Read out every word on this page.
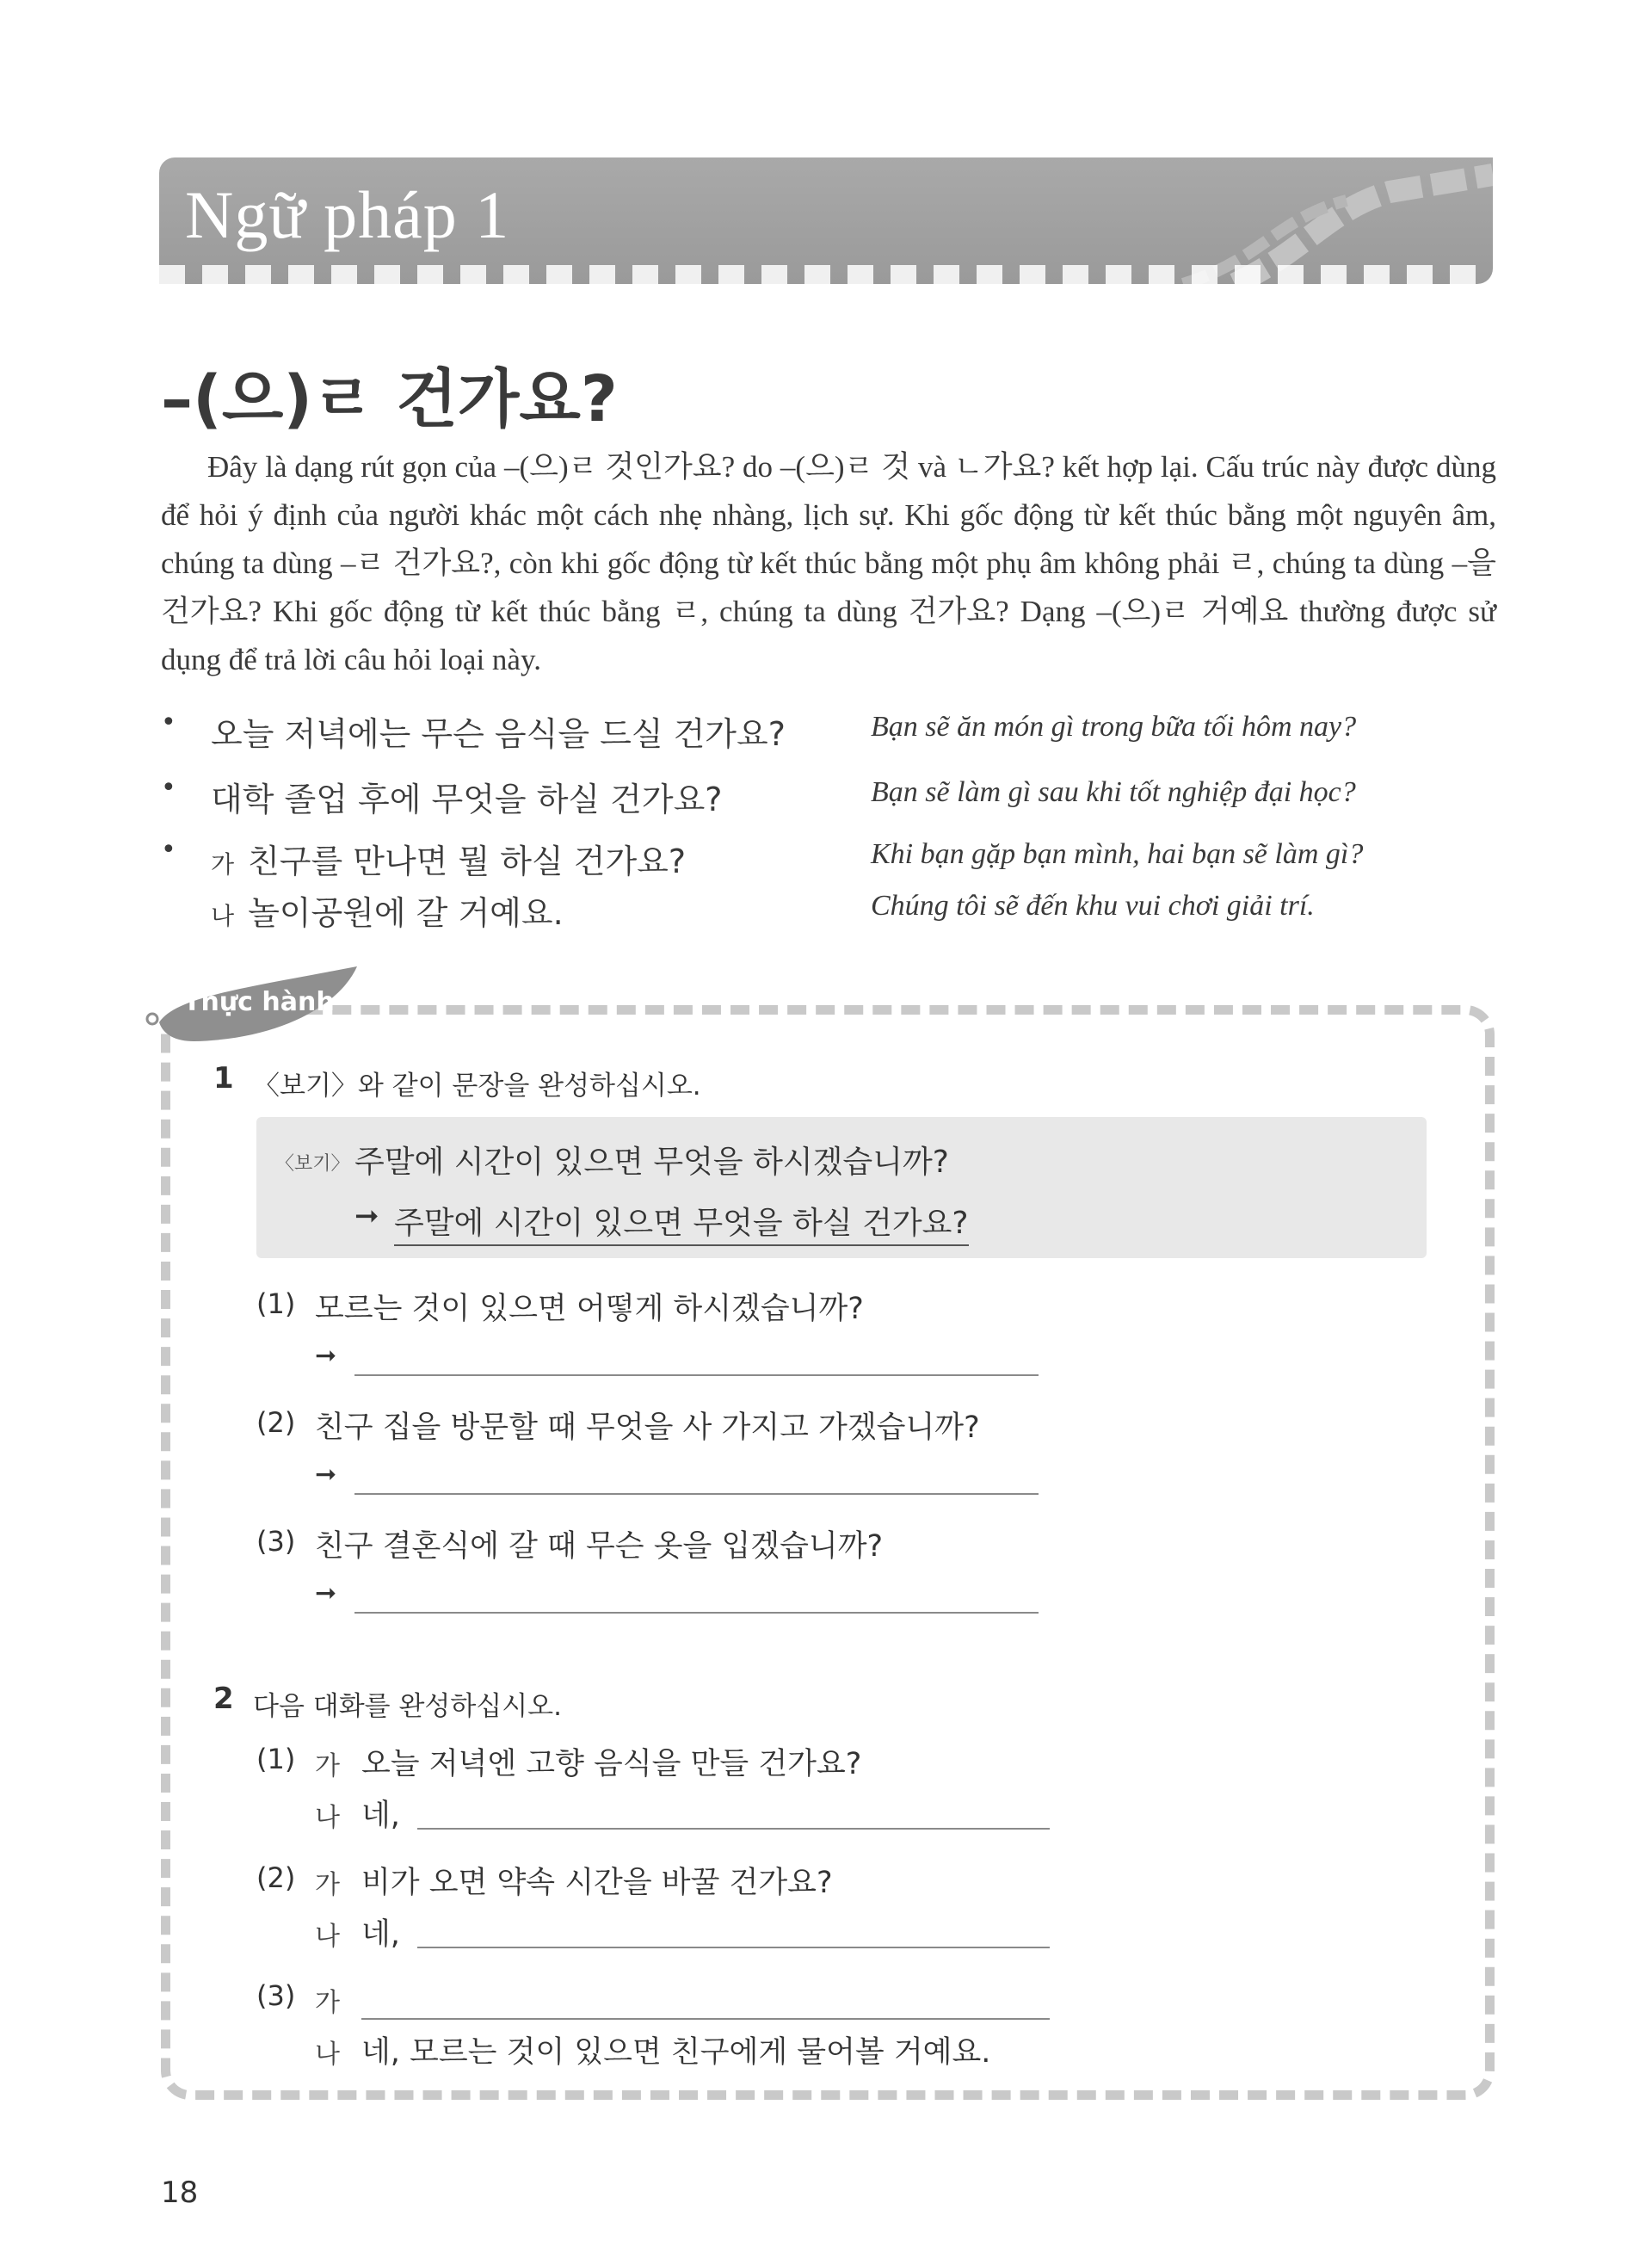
Ngữ pháp 1
–(으)ㄹ 건가요?
Đây là dạng rút gọn của –(으)ㄹ 것인가요? do –(으)ㄹ 것 và ㄴ가요? kết hợp lại. Cấu trúc này được dùng để hỏi ý định của người khác một cách nhẹ nhàng, lịch sự. Khi gốc động từ kết thúc bằng một nguyên âm, chúng ta dùng –ㄹ 건가요?, còn khi gốc động từ kết thúc bằng một phụ âm không phải ㄹ, chúng ta dùng –을 건가요? Khi gốc động từ kết thúc bằng ㄹ, chúng ta dùng 건가요? Dạng –(으)ㄹ 거예요 thường được sử dụng để trả lời câu hỏi loại này.
• 오늘 저녁에는 무슨 음식을 드실 건가요?	Bạn sẽ ăn món gì trong bữa tối hôm nay?
• 대학 졸업 후에 무엇을 하실 건가요?	Bạn sẽ làm gì sau khi tốt nghiệp đại học?
• 가 친구를 만나면 뭘 하실 건가요?	Khi bạn gặp bạn mình, hai bạn sẽ làm gì?
나 놀이공원에 갈 거예요.	Chúng tôi sẽ đến khu vui chơi giải trí.
Thực hành
1 〈보기〉와 같이 문장을 완성하십시오.
〈보기〉 주말에 시간이 있으면 무엇을 하시겠습니까?
➞ 주말에 시간이 있으면 무엇을 하실 건가요?
(1) 모르는 것이 있으면 어떻게 하시겠습니까?
➞
(2) 친구 집을 방문할 때 무엇을 사 가지고 가겠습니까?
➞
(3) 친구 결혼식에 갈 때 무슨 옷을 입겠습니까?
➞
2 다음 대화를 완성하십시오.
(1) 가 오늘 저녁엔 고향 음식을 만들 건가요?
나 네,
(2) 가 비가 오면 약속 시간을 바꿀 건가요?
나 네,
(3) 가
나 네, 모르는 것이 있으면 친구에게 물어볼 거예요.
18
